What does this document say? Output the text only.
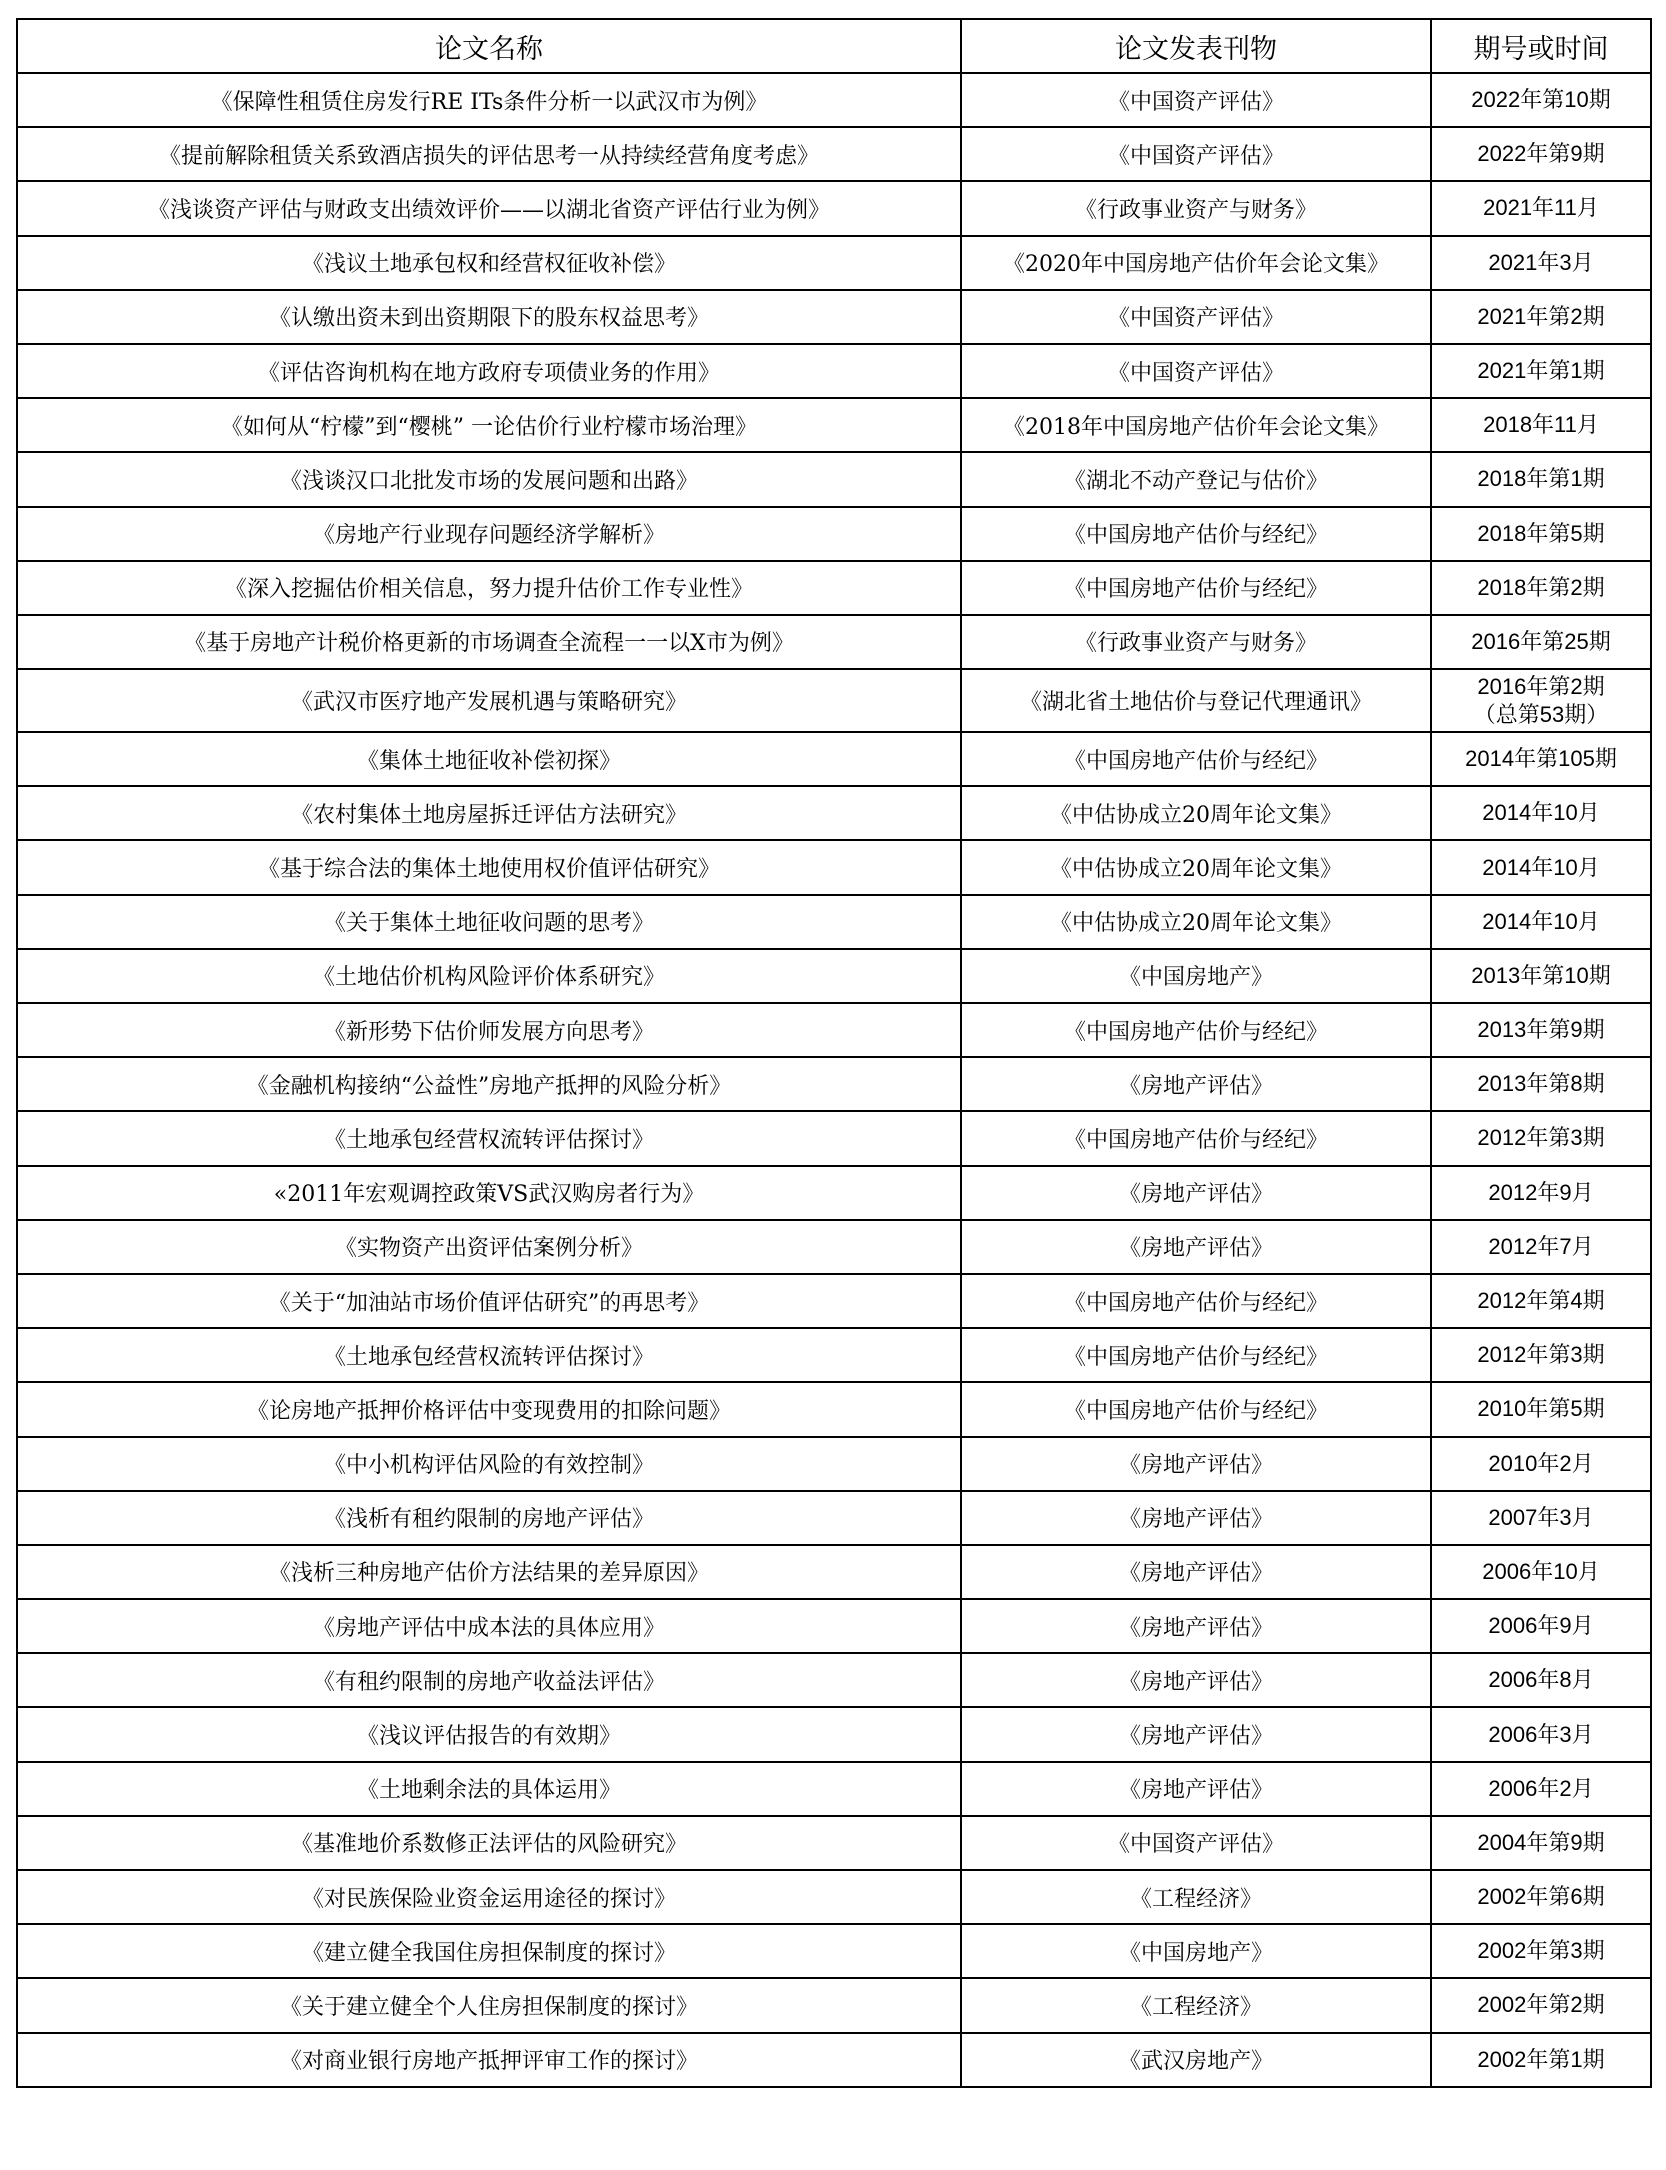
论文名称	论文发表刊物	期号或时间
《保障性租赁住房发行RE ITs条件分析一以武汉市为例》	《中国资产评估》	2022年第10期
《提前解除租赁关系致酒店损失的评估思考一从持续经营角度考虑》	《中国资产评估》	2022年第9期
《浅谈资产评估与财政支出绩效评价——以湖北省资产评估行业为例》	《行政事业资产与财务》	2021年11月
《浅议土地承包权和经营权征收补偿》	《2020年中国房地产估价年会论文集》	2021年3月
《认缴出资未到出资期限下的股东权益思考》	《中国资产评估》	2021年第2期
《评估咨询机构在地方政府专项债业务的作用》	《中国资产评估》	2021年第1期
《如何从“柠檬”到“樱桃” 一论估价行业柠檬市场治理》	《2018年中国房地产估价年会论文集》	2018年11月
《浅谈汉口北批发市场的发展问题和出路》	《湖北不动产登记与估价》	2018年第1期
《房地产行业现存问题经济学解析》	《中国房地产估价与经纪》	2018年第5期
《深入挖掘估价相关信息，努力提升估价工作专业性》	《中国房地产估价与经纪》	2018年第2期
《基于房地产计税价格更新的市场调查全流程一一以X市为例》	《行政事业资产与财务》	2016年第25期
《武汉市医疗地产发展机遇与策略研究》	《湖北省土地估价与登记代理通讯》	2016年第2期
（总第53期）

《集体土地征收补偿初探》	《中国房地产估价与经纪》	2014年第105期
《农村集体土地房屋拆迁评估方法研究》	《中估协成立20周年论文集》	2014年10月
《基于综合法的集体土地使用权价值评估研究》	《中估协成立20周年论文集》	2014年10月
《关于集体土地征收问题的思考》	《中估协成立20周年论文集》	2014年10月
《土地估价机构风险评价体系研究》	《中国房地产》	2013年第10期
《新形势下估价师发展方向思考》	《中国房地产估价与经纪》	2013年第9期
《金融机构接纳“公益性”房地产抵押的风险分析》	《房地产评估》	2013年第8期
《土地承包经营权流转评估探讨》	《中国房地产估价与经纪》	2012年第3期
«2011年宏观调控政策VS武汉购房者行为》	《房地产评估》	2012年9月
《实物资产出资评估案例分析》	《房地产评估》	2012年7月
《关于“加油站市场价值评估研究”的再思考》	《中国房地产估价与经纪》	2012年第4期
《土地承包经营权流转评估探讨》	《中国房地产估价与经纪》	2012年第3期
《论房地产抵押价格评估中变现费用的扣除问题》	《中国房地产估价与经纪》	2010年第5期
《中小机构评估风险的有效控制》	《房地产评估》	2010年2月
《浅析有租约限制的房地产评估》	《房地产评估》	2007年3月
《浅析三种房地产估价方法结果的差异原因》	《房地产评估》	2006年10月
《房地产评估中成本法的具体应用》	《房地产评估》	2006年9月
《有租约限制的房地产收益法评估》	《房地产评估》	2006年8月
《浅议评估报告的有效期》	《房地产评估》	2006年3月
《土地剩余法的具体运用》	《房地产评估》	2006年2月
《基准地价系数修正法评估的风险研究》	《中国资产评估》	2004年第9期
《对民族保险业资金运用途径的探讨》	《工程经济》	2002年第6期
《建立健全我国住房担保制度的探讨》	《中国房地产》	2002年第3期
《关于建立健全个人住房担保制度的探讨》	《工程经济》	2002年第2期
《对商业银行房地产抵押评审工作的探讨》	《武汉房地产》	2002年第1期
